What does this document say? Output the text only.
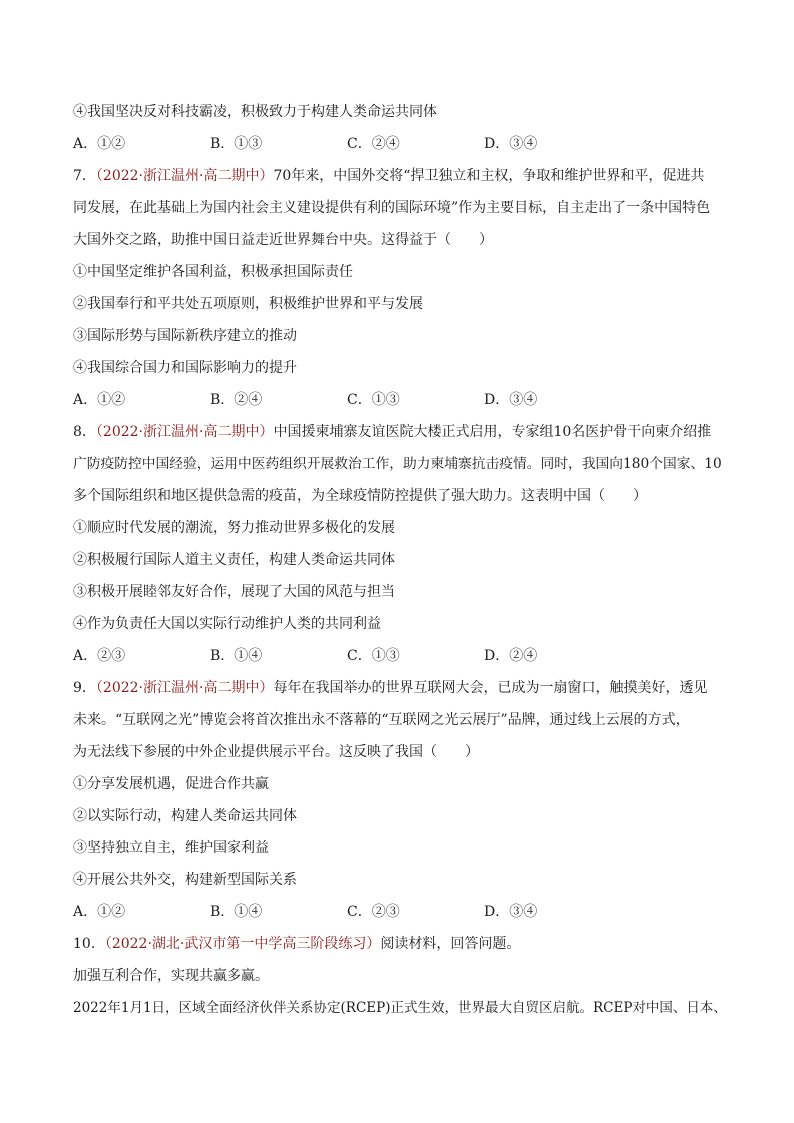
④我国坚决反对科技霸凌，积极致力于构建人类命运共同体
A．①②	B．①③	C．②④	D．③④
7．（2022·浙江温州·高二期中）70年来，中国外交将“捍卫独立和主权，争取和维护世界和平，促进共
同发展，在此基础上为国内社会主义建设提供有利的国际环境”作为主要目标，自主走出了一条中国特色
大国外交之路，助推中国日益走近世界舞台中央。这得益于（　　）
①中国坚定维护各国利益，积极承担国际责任
②我国奉行和平共处五项原则，积极维护世界和平与发展
③国际形势与国际新秩序建立的推动
④我国综合国力和国际影响力的提升
A．①②	B．②④	C．①③	D．③④
8．（2022·浙江温州·高二期中）中国援柬埔寨友谊医院大楼正式启用，专家组10名医护骨干向柬介绍推
广防疫防控中国经验，运用中医药组织开展救治工作，助力柬埔寨抗击疫情。同时，我国向180个国家、10
多个国际组织和地区提供急需的疫苗，为全球疫情防控提供了强大助力。这表明中国（　　）
①顺应时代发展的潮流，努力推动世界多极化的发展
②积极履行国际人道主义责任，构建人类命运共同体
③积极开展睦邻友好合作，展现了大国的风范与担当
④作为负责任大国以实际行动维护人类的共同利益
A．②③	B．①④	C．①③	D．②④
9．（2022·浙江温州·高二期中）每年在我国举办的世界互联网大会，已成为一扇窗口，触摸美好，透见
未来。“互联网之光”博览会将首次推出永不落幕的“互联网之光云展厅”品牌，通过线上云展的方式，
为无法线下参展的中外企业提供展示平台。这反映了我国（　　）
①分享发展机遇，促进合作共赢
②以实际行动，构建人类命运共同体
③坚持独立自主，维护国家利益
④开展公共外交，构建新型国际关系
A．①②	B．①④	C．②③	D．③④
10．（2022·湖北·武汉市第一中学高三阶段练习）阅读材料，回答问题。
加强互利合作，实现共赢多赢。
2022年1月1日，区域全面经济伙伴关系协定(RCEP)正式生效，世界最大自贸区启航。RCEP对中国、日本、
